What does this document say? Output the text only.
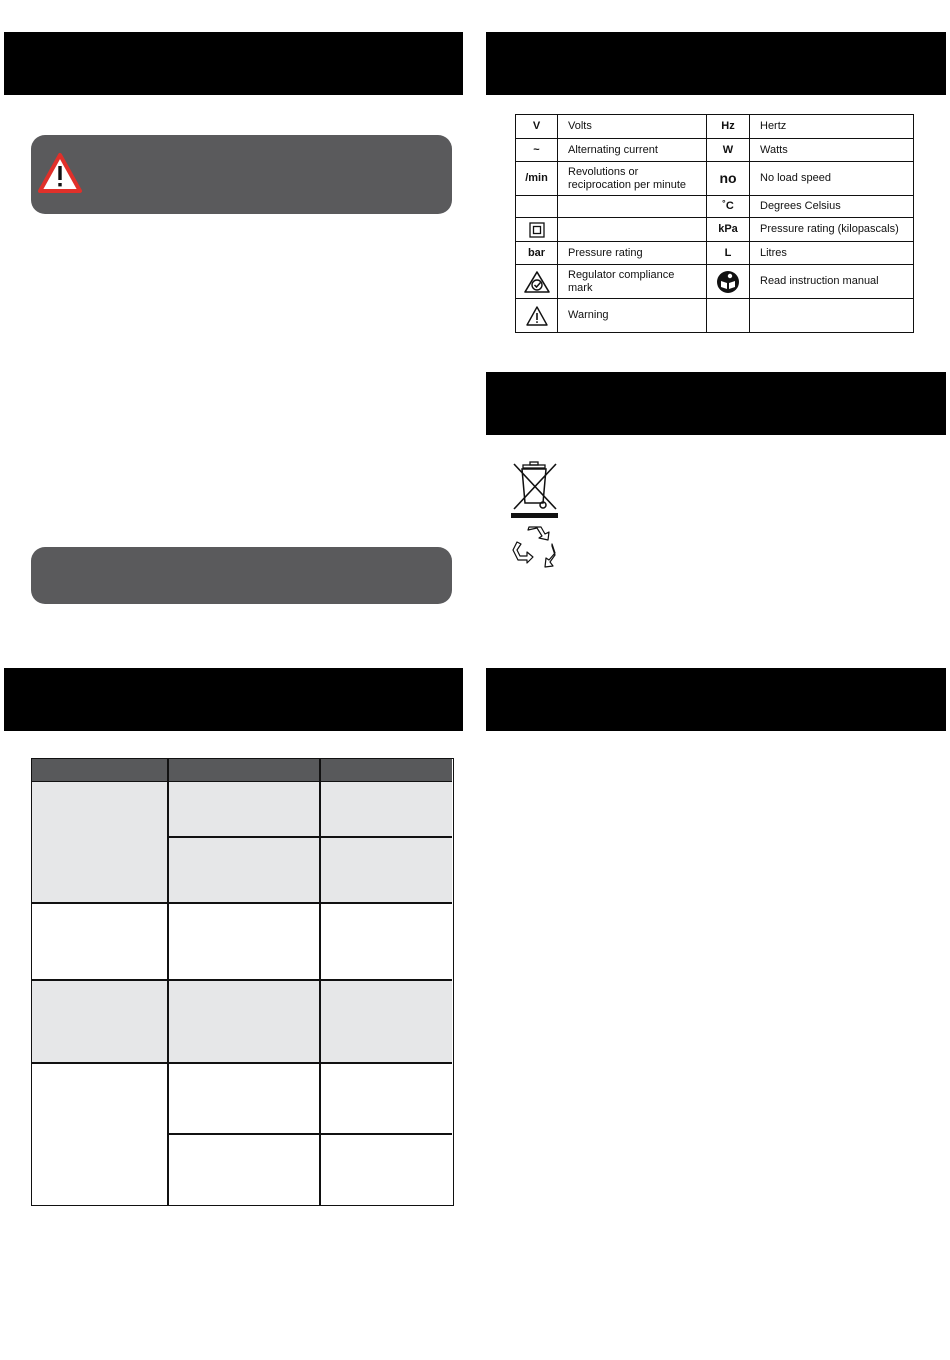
V	Volts	Hz	Hertz
~	Alternating current	W	Watts
/min	Revolutions or reciprocation per minute	no	No load speed
		˚C	Degrees Celsius
		kPa	Pressure rating (kilopascals)
bar	Pressure rating	L	Litres
	Regulator compliance mark		Read instruction manual
	Warning		
